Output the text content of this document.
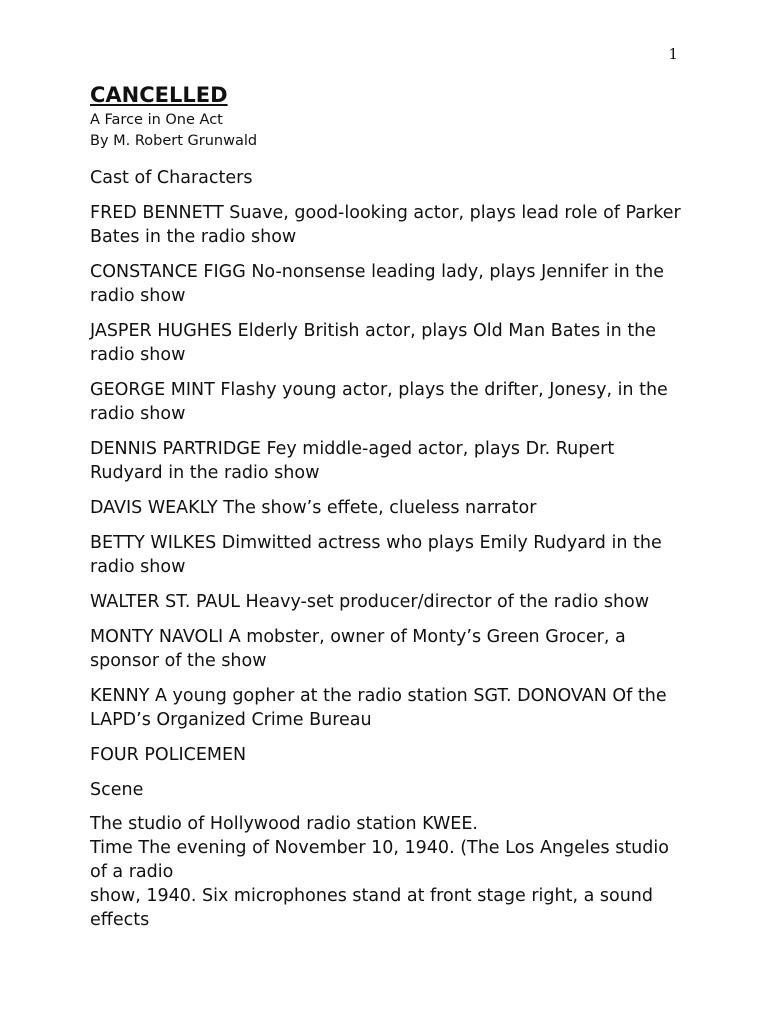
1
CANCELLED

A Farce in One Act

By M. Robert Grunwald

Cast of Characters

FRED BENNETT Suave, good-looking actor, plays lead role of Parker Bates in the radio show

CONSTANCE FIGG No-nonsense leading lady, plays Jennifer in the radio show

JASPER HUGHES Elderly British actor, plays Old Man Bates in the radio show

GEORGE MINT Flashy young actor, plays the drifter, Jonesy, in the radio show

DENNIS PARTRIDGE Fey middle-aged actor, plays Dr. Rupert Rudyard in the radio show

DAVIS WEAKLY The show’s effete, clueless narrator

BETTY WILKES Dimwitted actress who plays Emily Rudyard in the radio show

WALTER ST. PAUL Heavy-set producer/director of the radio show

MONTY NAVOLI A mobster, owner of Monty’s Green Grocer, a sponsor of the show

KENNY A young gopher at the radio station SGT. DONOVAN Of the LAPD’s Organized Crime Bureau

FOUR POLICEMEN

Scene

The studio of Hollywood radio station KWEE.

Time The evening of November 10, 1940. (The Los Angeles studio of a radio

show, 1940. Six microphones stand at front stage right, a sound effects
